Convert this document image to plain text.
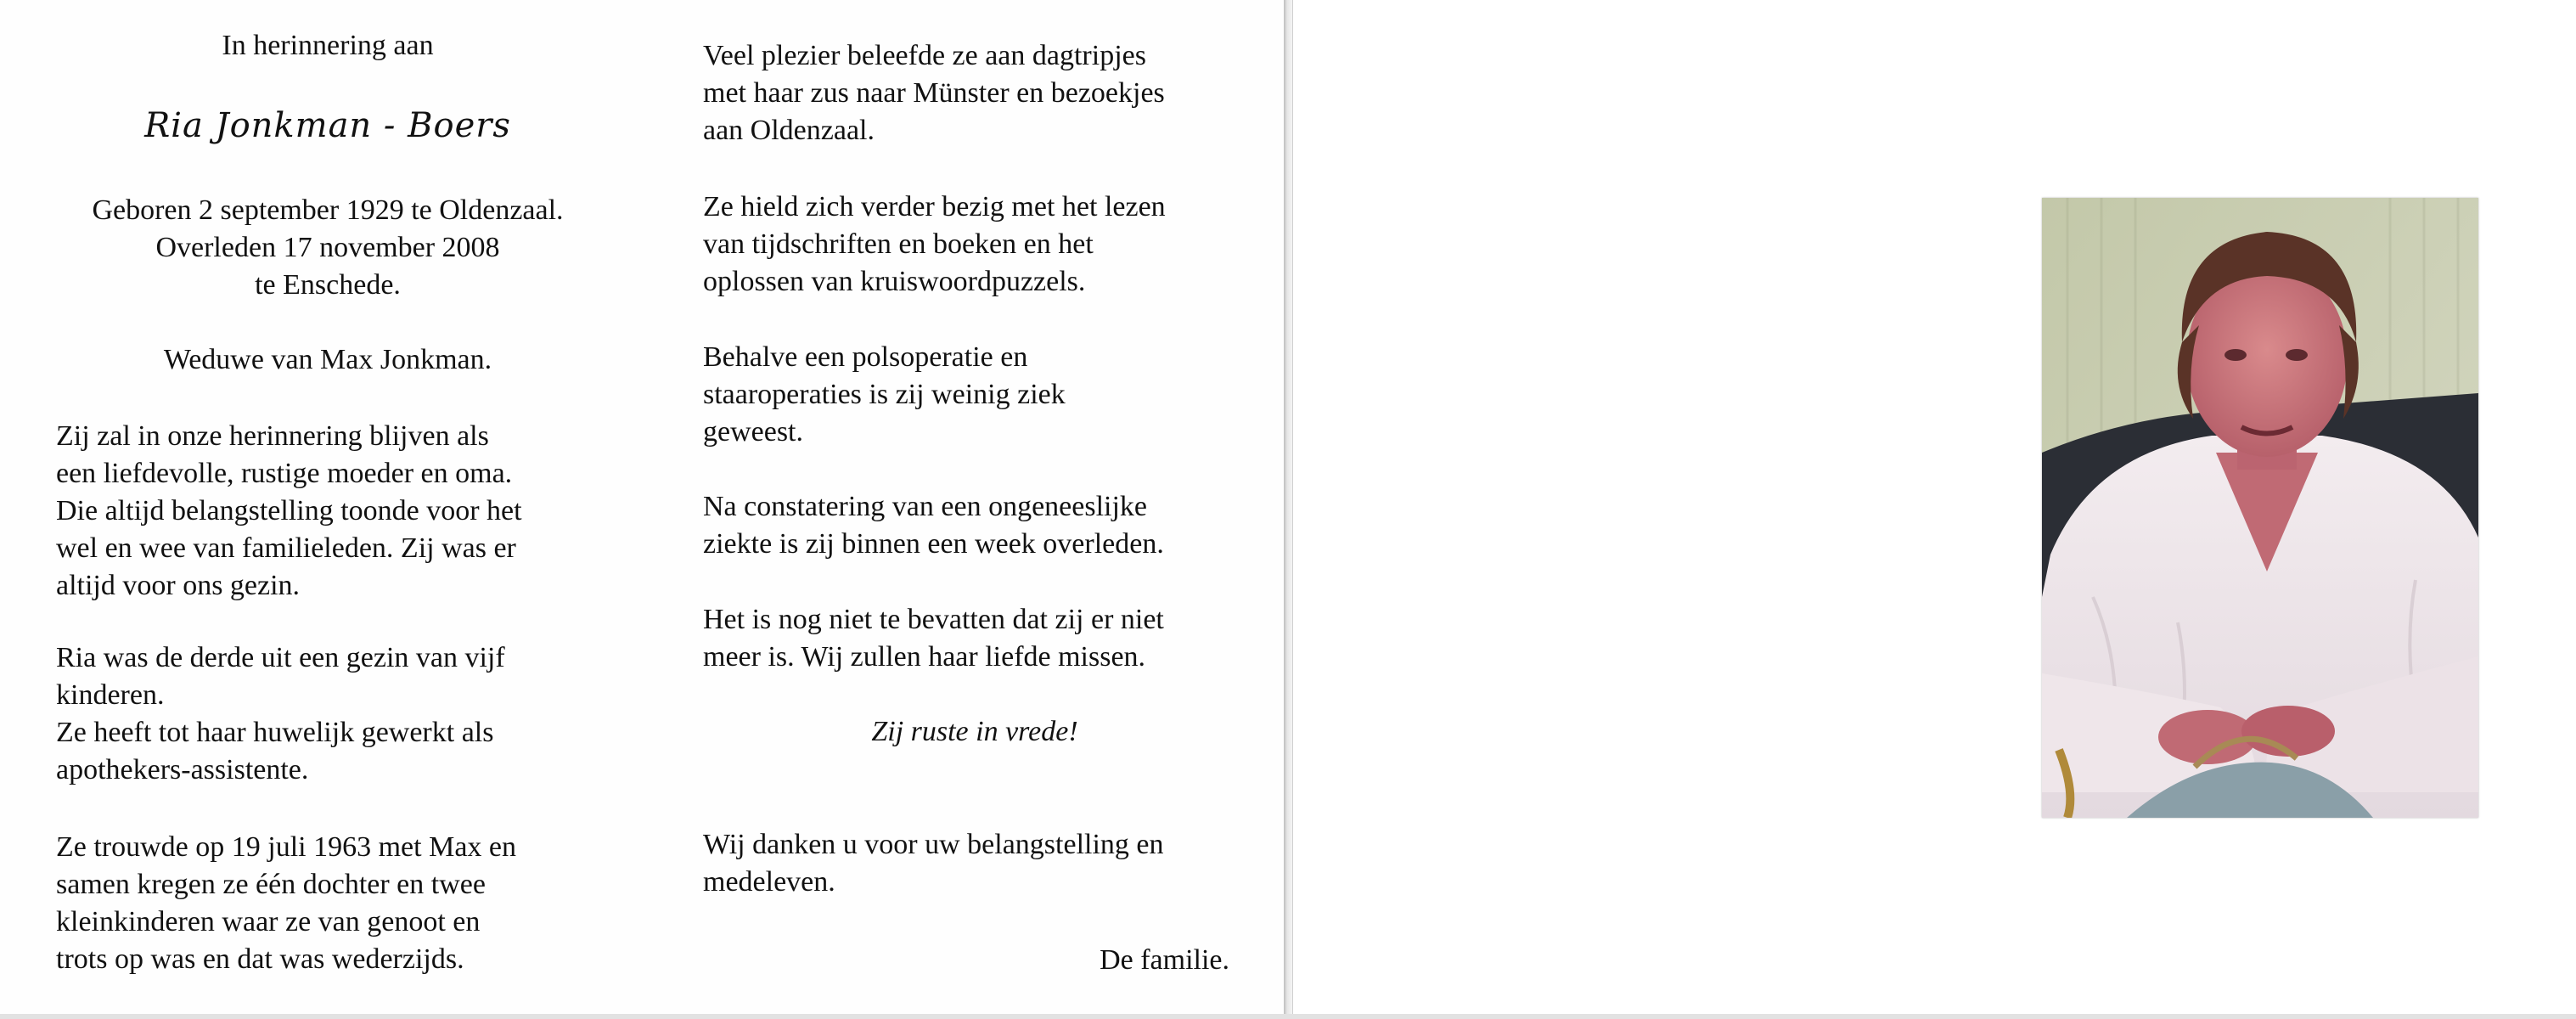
In herinnering aan

Ria Jonkman - Boers

Geboren 2 september 1929 te Oldenzaal.

Overleden 17 november 2008

te Enschede.

Weduwe van Max Jonkman.

Zij zal in onze herinnering blijven als

een liefdevolle, rustige moeder en oma.

Die altijd belangstelling toonde voor het

wel en wee van familieleden. Zij was er

altijd voor ons gezin.

Ria was de derde uit een gezin van vijf

kinderen.

Ze heeft tot haar huwelijk gewerkt als

apothekers-assistente.

Ze trouwde op 19 juli 1963 met Max en

samen kregen ze één dochter en twee

kleinkinderen waar ze van genoot en

trots op was en dat was wederzijds.

Veel plezier beleefde ze aan dagtripjes

met haar zus naar Münster en bezoekjes

aan Oldenzaal.

Ze hield zich verder bezig met het lezen

van tijdschriften en boeken en het

oplossen van kruiswoordpuzzels.

Behalve een polsoperatie en

staaroperaties is zij weinig ziek

geweest.

Na constatering van een ongeneeslijke

ziekte is zij binnen een week overleden.

Het is nog niet te bevatten dat zij er niet

meer is. Wij zullen haar liefde missen.

Zij ruste in vrede!

Wij danken u voor uw belangstelling en

medeleven.

De familie.
